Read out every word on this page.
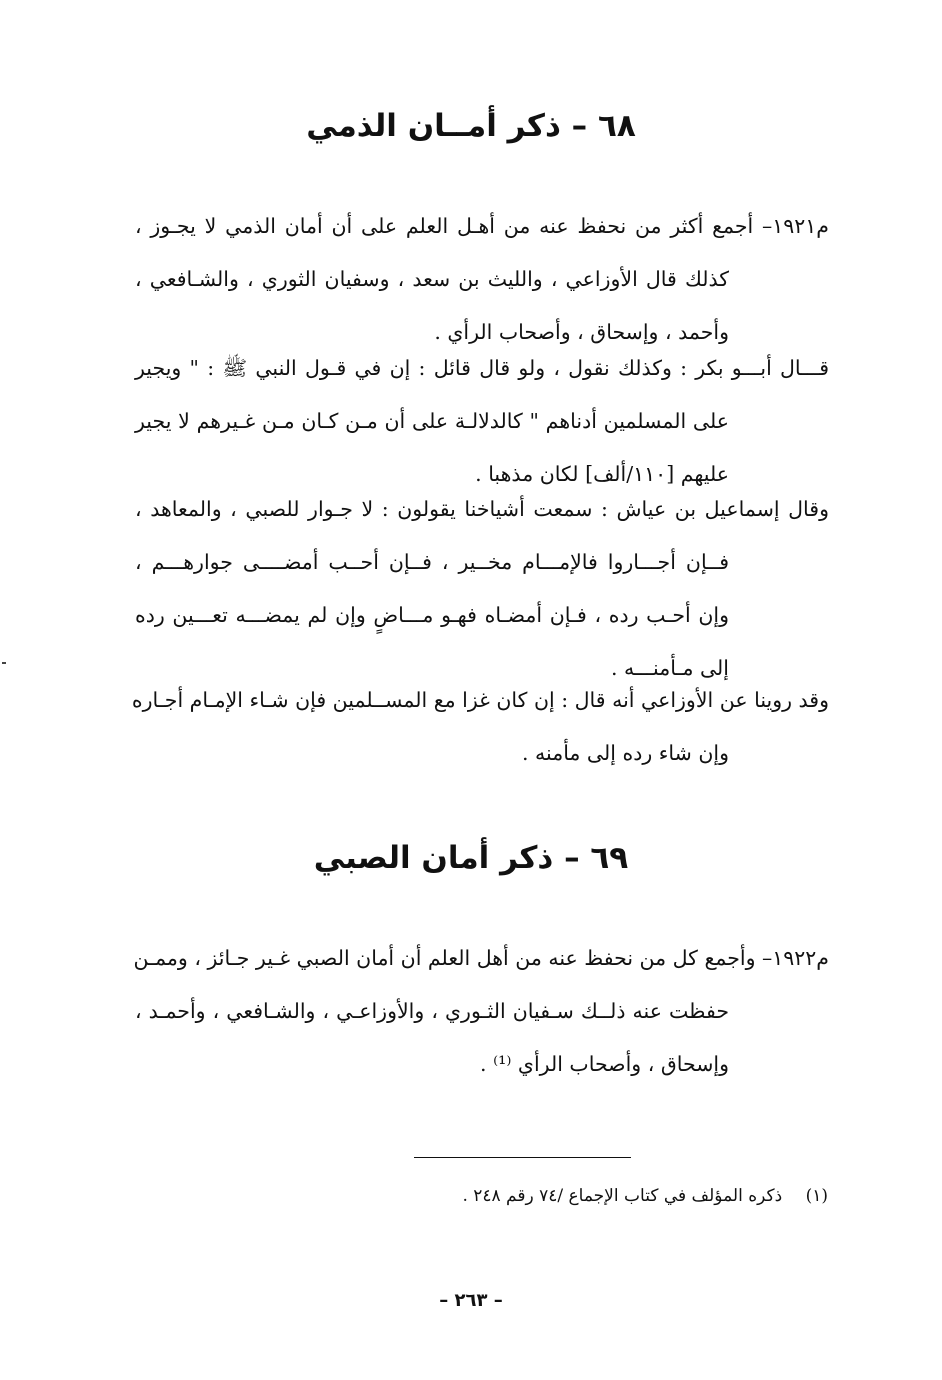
٦٨ – ذكر أمــان الذمي
م١٩٢١– أجمع أكثر من نحفظ عنه من أهـل العلم على أن أمان الذمي لا يجـوز ،
كذلك قال الأوزاعي ، والليث بن سعد ، وسفيان الثوري ، والشـافعي ،
وأحمد ، وإسحاق ، وأصحاب الرأي .
قـــال أبـــو بكر : وكذلك نقول ، ولو قال قائل : إن في قـول النبي ﷺ : " ويجير
على المسلمين أدناهم " كالدلالـة على أن مـن كـان مـن غـيرهم لا يجير
عليهم [١١٠/ألف] لكان مذهبا .
وقال إسماعيل بن عياش : سمعت أشياخنا يقولون : لا جـوار للصبي ، والمعاهد ،
فــإن أجـــاروا فالإمـــام مخــير ، فــإن أحــب أمضــــى جوارهـــم ،
وإن أحـب رده ، فـإن أمضـاه فهـو مـــاضٍ وإن لم يمضـــه تعـــين رده
إلى مـأمنـــه .
وقد روينا عن الأوزاعي أنه قال : إن كان غزا مع المســلمين فإن شـاء الإمـام أجـاره
وإن شاء رده إلى مأمنه .
٦٩ – ذكر أمان الصبي
م١٩٢٢– وأجمع كل من نحفظ عنه من أهل العلم أن أمان الصبي غـير جـائز ، وممـن
حفظت عنه ذلــك سـفيان الثـوري ، والأوزاعـي ، والشـافعي ، وأحمـد ،
وإسحاق ، وأصحاب الرأي ⁽¹⁾ .
(١) ذكره المؤلف في كتاب الإجماع /٧٤ رقم ٢٤٨ .
– ٢٦٣ –
